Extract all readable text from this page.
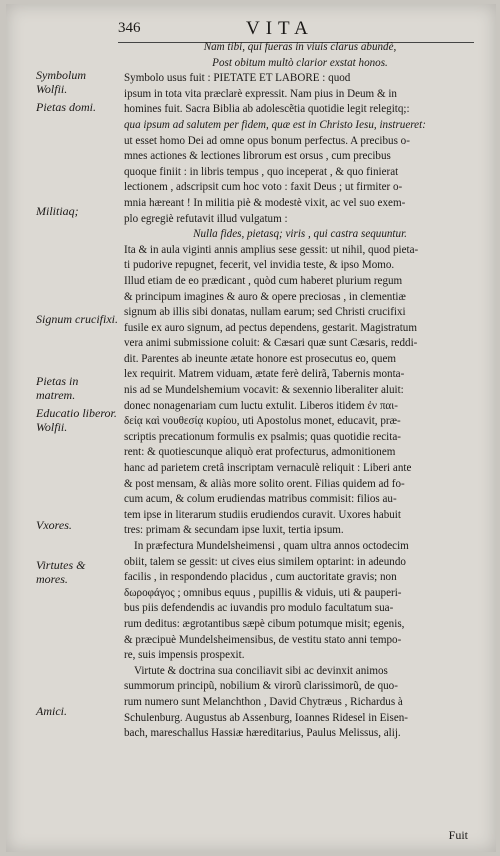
346	VITA
Symbolum Wolfii.
Pietas domi.
Militiaq;
Signum crucifixi.
Pietas in matrem.
Educatio liberor. Wolfii.
Vxores.
Virtutes & mores.
Amici.
Nam tibi, qui fueras in viuis clarus abundè,
Post obitum multò clarior exstat honos.
Symbolo usus fuit : PIETATE ET LABORE : quod
ipsum in tota vita præclarè expressit. Nam pius in Deum & in
homines fuit. Sacra Biblia ab adolescẽtia quotidie legit relegitq;:
qua ipsum ad salutem per fidem, quæ est in Christo Iesu, instrueret:
ut esset homo Dei ad omne opus bonum perfectus. A precibus o-
mnes actiones & lectiones librorum est orsus , cum precibus
quoque finiit : in libris tempus , quo inceperat , & quo finierat
lectionem , adscripsit cum hoc voto : faxit Deus ; ut firmiter o-
mnia hæreant ! In militia piè & modestè vixit, ac vel suo exem-
plo egregiè refutavit illud vulgatum :
Nulla fides, pietasq; viris , qui castra sequuntur.
Ita & in aula viginti annis amplius sese gessit: ut nihil, quod pieta-
ti pudorive repugnet, fecerit, vel invidia teste, & ipso Momo.
Illud etiam de eo prædicant , quòd cum haberet plurium regum
& principum imagines & auro & opere preciosas , in clementiæ
signum ab illis sibi donatas, nullam earum; sed Christi crucifixi
fusile ex auro signum, ad pectus dependens, gestarit. Magistratum
vera animi submissione coluit: & Cæsari quæ sunt Cæsaris, reddi-
dit. Parentes ab ineunte ætate honore est prosecutus eo, quem
lex requirit. Matrem viduam, ætate ferè delirã, Tabernis monta-
nis ad se Mundelshemium vocavit: & sexennio liberaliter aluit:
donec nonagenariam cum luctu extulit. Liberos itidem ἐν παι-
δείᾳ καὶ νουθεσίᾳ κυρίου, uti Apostolus monet, educavit, præ-
scriptis precationum formulis ex psalmis; quas quotidie recita-
rent: & quotiescunque aliquò erat profecturus, admonitionem
hanc ad parietem cretâ inscriptam vernaculè reliquit : Liberi ante
& post mensam, & aliàs more solito orent. Filias quidem ad fo-
cum acum, & colum erudiendas matribus commisit: filios au-
tem ipse in literarum studiis erudiendos curavit. Uxores habuit
tres: primam & secundam ipse luxit, tertia ipsum.
In præfectura Mundelsheimensi , quam ultra annos octodecim
obiit, talem se gessit: ut cives eius similem optarint: in adeundo
facilis , in respondendo placidus , cum auctoritate gravis; non
δωροφάγος ; omnibus equus , pupillis & viduis, uti & pauperi-
bus piis defendendis ac iuvandis pro modulo facultatum sua-
rum deditus: ægrotantibus sæpè cibum potumque misit; egenis,
& præcipuè Mundelsheimensibus, de vestitu stato anni tempo-
re, suis impensis prospexit.
Virtute & doctrina sua conciliavit sibi ac devinxit animos
summorum principũ, nobilium & virorũ clarissimorũ, de quo-
rum numero sunt Melanchthon , David Chytræus , Richardus à
Schulenburg. Augustus ab Assenburg, Ioannes Ridesel in Eisen-
bach, mareschallus Hassiæ hæreditarius, Paulus Melissus, alij.
Fuit
